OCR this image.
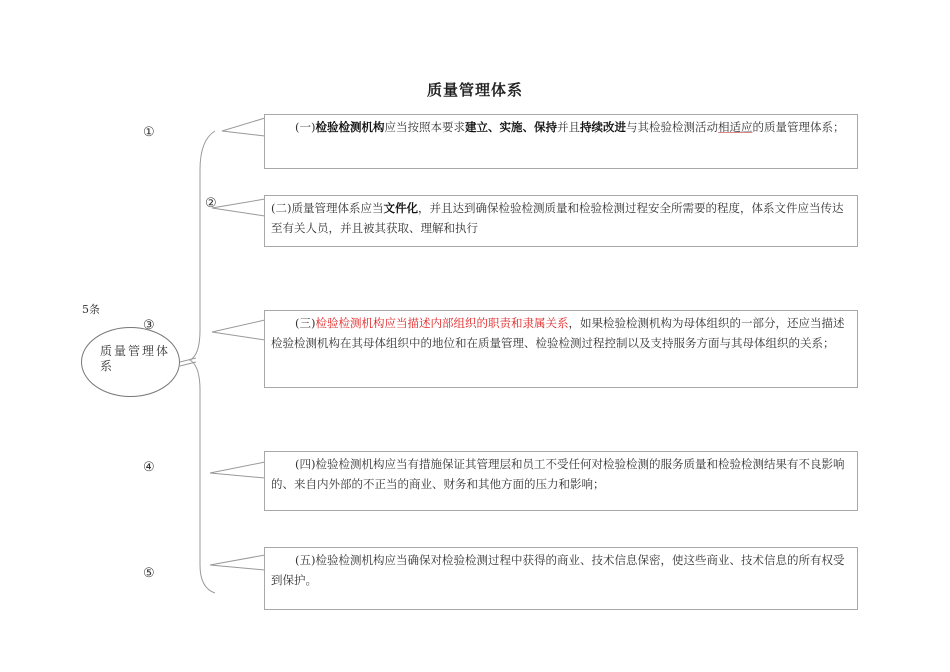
质量管理体系
①
②
③
④
⑤
5条
质量管理体系
(一)检验检测机构应当按照本要求建立、实施、保持并且持续改进与其检验检测活动相适应的质量管理体系；
(二)质量管理体系应当文件化，并且达到确保检验检测质量和检验检测过程安全所需要的程度，体系文件应当传达至有关人员，并且被其获取、理解和执行
(三)检验检测机构应当描述内部组织的职责和隶属关系，如果检验检测机构为母体组织的一部分，还应当描述检验检测机构在其母体组织中的地位和在质量管理、检验检测过程控制以及支持服务方面与其母体组织的关系；
(四)检验检测机构应当有措施保证其管理层和员工不受任何对检验检测的服务质量和检验检测结果有不良影响的、来自内外部的不正当的商业、财务和其他方面的压力和影响；
(五)检验检测机构应当确保对检验检测过程中获得的商业、技术信息保密，使这些商业、技术信息的所有权受到保护。
